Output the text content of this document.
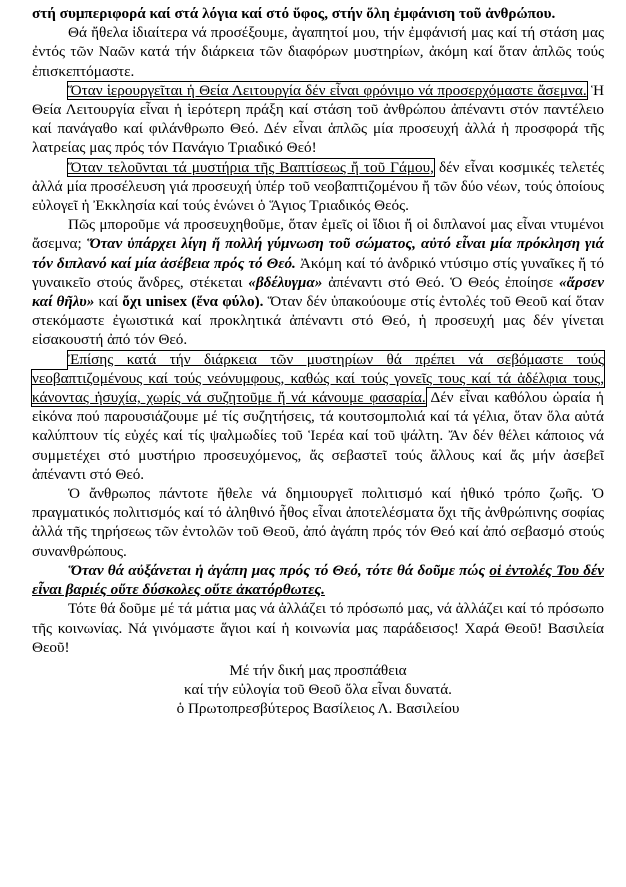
στή συμπεριφορά καί στά λόγια καί στό ὕφος, στήν ὅλη ἐμφάνιση τοῦ ἀνθρώπου.

Θά ἤθελα ἰδιαίτερα νά προσέξουμε, ἀγαπητοί μου, τήν ἐμφάνισή μας καί τή στάση μας ἐντός τῶν Ναῶν κατά τήν διάρκεια τῶν διαφόρων μυστηρίων, ἀκόμη καί ὅταν ἁπλῶς τούς ἐπισκεπτόμαστε.

Ὅταν ἱερουργεῖται ἡ Θεία Λειτουργία δέν εἶναι φρόνιμο νά προσερχόμαστε ἄσεμνα. Ἡ Θεία Λειτουργία εἶναι ἡ ἱερότερη πράξη καί στάση τοῦ ἀνθρώπου ἀπέναντι στόν παντέλειο καί πανάγαθο καί φιλάνθρωπο Θεό. Δέν εἶναι ἁπλῶς μία προσευχή ἀλλά ἡ προσφορά τῆς λατρείας μας πρός τόν Πανάγιο Τριαδικό Θεό!

Ὅταν τελοῦνται τά μυστήρια τῆς Βαπτίσεως ἤ τοῦ Γάμου, δέν εἶναι κοσμικές τελετές ἀλλά μία προσέλευση γιά προσευχή ὑπέρ τοῦ νεοβαπτιζομένου ἤ τῶν δύο νέων, τούς ὁποίους εὐλογεῖ ἡ Ἐκκλησία καί τούς ἑνώνει ὁ Ἅγιος Τριαδικός Θεός.

Πῶς μποροῦμε νά προσευχηθοῦμε, ὅταν ἐμεῖς οἱ ἴδιοι ἤ οἱ διπλανοί μας εἶναι ντυμένοι ἄσεμνα; Ὅταν ὑπάρχει λίγη ἤ πολλή γύμνωση τοῦ σώματος, αὐτό εἶναι μία πρόκληση γιά τόν διπλανό καί μία ἀσέβεια πρός τό Θεό. Ἀκόμη καί τό ἀνδρικό ντύσιμο στίς γυναῖκες ἤ τό γυναικεῖο στούς ἄνδρες, στέκεται «βδέλυγμα» ἀπέναντι στό Θεό. Ὁ Θεός ἐποίησε «ἄρσεν καί θῆλυ» καί ὄχι unisex (ἕνα φύλο). Ὅταν δέν ὑπακούουμε στίς ἐντολές τοῦ Θεοῦ καί ὅταν στεκόμαστε ἐγωιστικά καί προκλητικά ἀπέναντι στό Θεό, ἡ προσευχή μας δέν γίνεται εἰσακουστή ἀπό τόν Θεό.

Ἐπίσης κατά τήν διάρκεια τῶν μυστηρίων θά πρέπει νά σεβόμαστε τούς νεοβαπτιζομένους καί τούς νεόνυμφους, καθώς καί τούς γονεῖς τους καί τά ἀδέλφια τους, κάνοντας ἡσυχία, χωρίς νά συζητοῦμε ἤ νά κάνουμε φασαρία. Δέν εἶναι καθόλου ὡραία ἡ εἰκόνα πού παρουσιάζουμε μέ τίς συζητήσεις, τά κουτσομπολιά καί τά γέλια, ὅταν ὅλα αὐτά καλύπτουν τίς εὐχές καί τίς ψαλμωδίες τοῦ Ἱερέα καί τοῦ ψάλτη. Ἄν δέν θέλει κάποιος νά συμμετέχει στό μυστήριο προσευχόμενος, ἄς σεβαστεῖ τούς ἄλλους καί ἄς μήν ἀσεβεῖ ἀπέναντι στό Θεό.

Ὁ ἄνθρωπος πάντοτε ἤθελε νά δημιουργεῖ πολιτισμό καί ἠθικό τρόπο ζωῆς. Ὁ πραγματικός πολιτισμός καί τό ἀληθινό ἦθος εἶναι ἀποτελέσματα ὄχι τῆς ἀνθρώπινης σοφίας ἀλλά τῆς τηρήσεως τῶν ἐντολῶν τοῦ Θεοῦ, ἀπό ἀγάπη πρός τόν Θεό καί ἀπό σεβασμό στούς συνανθρώπους.

Ὅταν θά αὐξάνεται ἡ ἀγάπη μας πρός τό Θεό, τότε θά δοῦμε πώς οἱ ἐντολές Του δέν εἶναι βαριές οὔτε δύσκολες οὔτε ἀκατόρθωτες.

Τότε θά δοῦμε μέ τά μάτια μας νά ἀλλάζει τό πρόσωπό μας, νά ἀλλάζει καί τό πρόσωπο τῆς κοινωνίας. Νά γινόμαστε ἅγιοι καί ἡ κοινωνία μας παράδεισος! Χαρά Θεοῦ! Βασιλεία Θεοῦ!

Μέ τήν δική μας προσπάθεια
καί τήν εὐλογία τοῦ Θεοῦ ὅλα εἶναι δυνατά.
ὁ Πρωτοπρεσβύτερος Βασίλειος Λ. Βασιλείου
